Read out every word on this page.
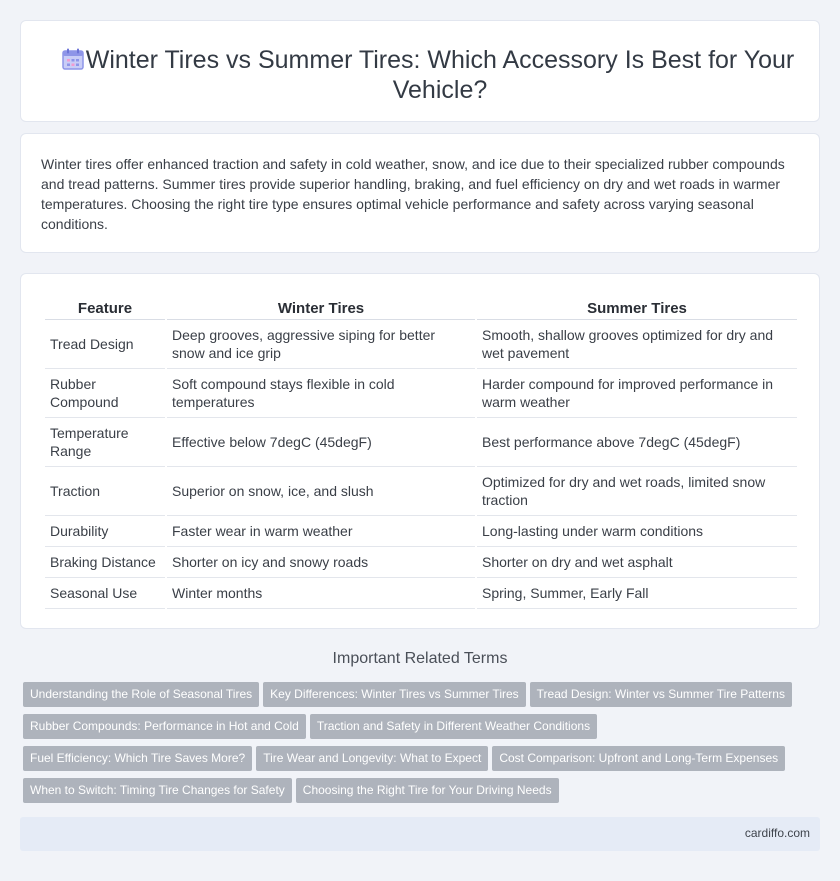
Winter Tires vs Summer Tires: Which Accessory Is Best for Your Vehicle?

Winter tires offer enhanced traction and safety in cold weather, snow, and ice due to their specialized rubber compounds and tread patterns. Summer tires provide superior handling, braking, and fuel efficiency on dry and wet roads in warmer temperatures. Choosing the right tire type ensures optimal vehicle performance and safety across varying seasonal conditions.

Feature	Winter Tires	Summer Tires
Tread Design	Deep grooves, aggressive siping for better snow and ice grip	Smooth, shallow grooves optimized for dry and wet pavement
Rubber Compound	Soft compound stays flexible in cold temperatures	Harder compound for improved performance in warm weather
Temperature Range	Effective below 7degC (45degF)	Best performance above 7degC (45degF)
Traction	Superior on snow, ice, and slush	Optimized for dry and wet roads, limited snow traction
Durability	Faster wear in warm weather	Long-lasting under warm conditions
Braking Distance	Shorter on icy and snowy roads	Shorter on dry and wet asphalt
Seasonal Use	Winter months	Spring, Summer, Early Fall
Important Related Terms
Understanding the Role of Seasonal Tires Key Differences: Winter Tires vs Summer Tires Tread Design: Winter vs Summer Tire Patterns
Rubber Compounds: Performance in Hot and Cold Traction and Safety in Different Weather Conditions
Fuel Efficiency: Which Tire Saves More? Tire Wear and Longevity: What to Expect Cost Comparison: Upfront and Long-Term Expenses
When to Switch: Timing Tire Changes for Safety Choosing the Right Tire for Your Driving Needs
cardiffo.com
